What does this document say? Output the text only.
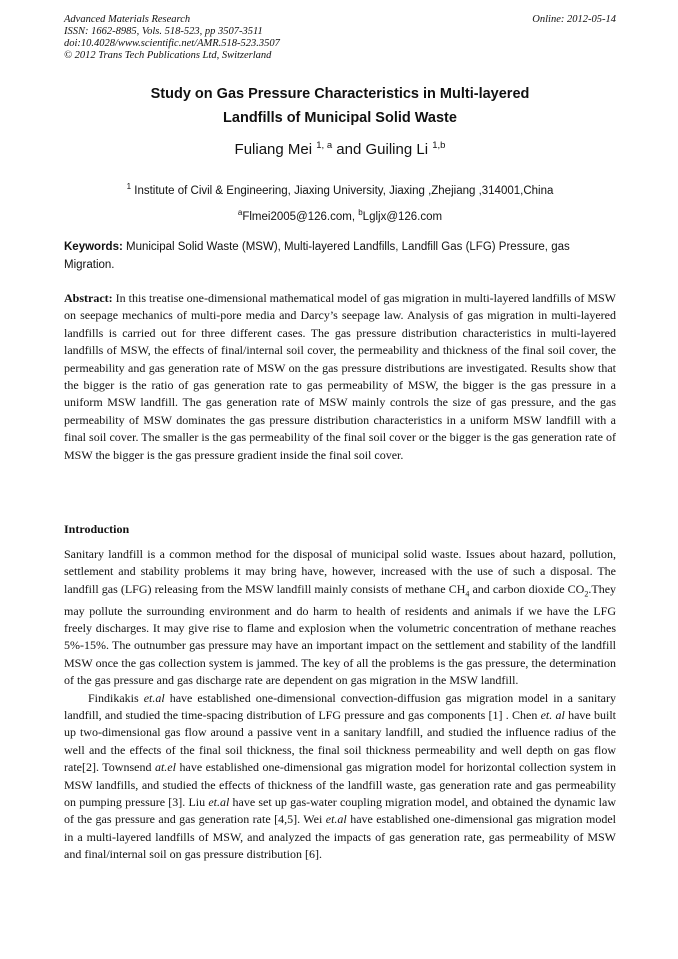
Advanced Materials Research
ISSN: 1662-8985, Vols. 518-523, pp 3507-3511
doi:10.4028/www.scientific.net/AMR.518-523.3507
© 2012 Trans Tech Publications Ltd, Switzerland
Online: 2012-05-14
Study on Gas Pressure Characteristics in Multi-layered
Landfills of Municipal Solid Waste
Fuliang Mei $^{1, a}$ and Guiling Li $^{1,b}$
$^1$ Institute of Civil & Engineering, Jiaxing University, Jiaxing ,Zhejiang ,314001,China
$^a$Flmei2005@126.com, $^b$Lgljx@126.com
Keywords: Municipal Solid Waste (MSW), Multi-layered Landfills, Landfill Gas (LFG) Pressure, gas Migration.
Abstract: In this treatise one-dimensional mathematical model of gas migration in multi-layered landfills of MSW on seepage mechanics of multi-pore media and Darcy’s seepage law. Analysis of gas migration in multi-layered landfills is carried out for three different cases. The gas pressure distribution characteristics in multi-layered landfills of MSW, the effects of final/internal soil cover, the permeability and thickness of the final soil cover, the permeability and gas generation rate of MSW on the gas pressure distributions are investigated. Results show that the bigger is the ratio of gas generation rate to gas permeability of MSW, the bigger is the gas pressure in a uniform MSW landfill. The gas generation rate of MSW mainly controls the size of gas pressure, and the gas permeability of MSW dominates the gas pressure distribution characteristics in a uniform MSW landfill with a final soil cover. The smaller is the gas permeability of the final soil cover or the bigger is the gas generation rate of MSW the bigger is the gas pressure gradient inside the final soil cover.
Introduction

Sanitary landfill is a common method for the disposal of municipal solid waste. Issues about hazard, pollution, settlement and stability problems it may bring have, however, increased with the use of such a disposal. The landfill gas (LFG) releasing from the MSW landfill mainly consists of methane $CH_4$ and carbon dioxide $CO_2.They$ may pollute the surrounding environment and do harm to health of residents and animals if we have the LFG freely discharges. It may give rise to flame and explosion when the volumetric concentration of methane reaches 5%-15%. The outnumber gas pressure may have an important impact on the settlement and stability of the landfill MSW once the gas collection system is jammed. The key of all the problems is the gas pressure, the determination of the gas pressure and gas discharge rate are dependent on gas migration in the MSW landfill.

Findikakis et.al have established one-dimensional convection-diffusion gas migration model in a sanitary landfill, and studied the time-spacing distribution of LFG pressure and gas components [1] . Chen et. al have built up two-dimensional gas flow around a passive vent in a sanitary landfill, and studied the influence radius of the well and the effects of the final soil thickness, the final soil thickness permeability and well depth on gas flow rate[2]. Townsend at.el have established one-dimensional gas migration model for horizontal collection system in MSW landfills, and studied the effects of thickness of the landfill waste, gas generation rate and gas permeability on pumping pressure [3]. Liu et.al have set up gas-water coupling migration model, and obtained the dynamic law of the gas pressure and gas generation rate [4,5]. Wei et.al have established one-dimensional gas migration model in a multi-layered landfills of MSW, and analyzed the impacts of gas generation rate, gas permeability of MSW and final/internal soil on gas pressure distribution [6].
